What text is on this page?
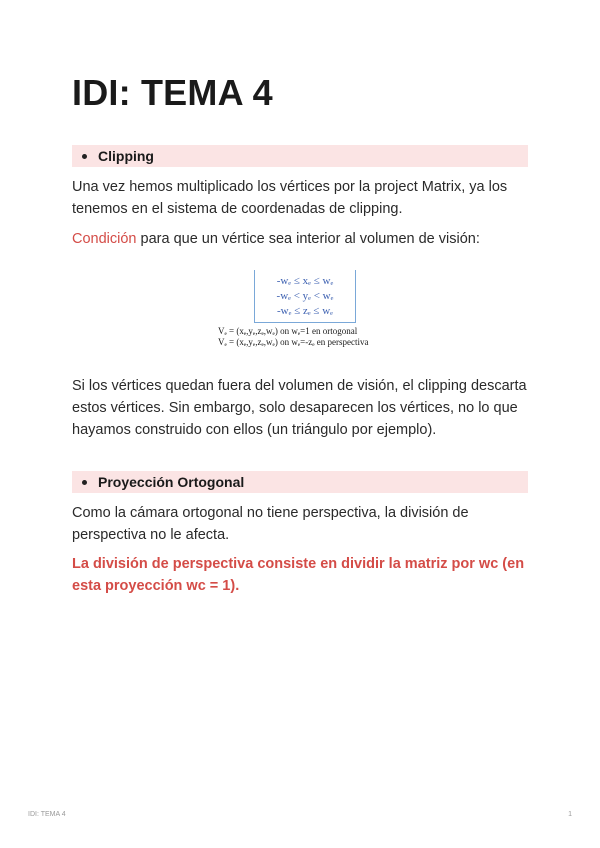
IDI: TEMA 4
Clipping

Una vez hemos multiplicado los vértices por la project Matrix, ya los tenemos en el sistema de coordenadas de clipping.

Condición para que un vértice sea interior al volumen de visión:

-wₑ ≤ xₑ ≤ wₑ
-wₑ < yₑ < wₑ
-wₑ ≤ zₑ ≤ wₑ
Vₑ = (xₑ,yₑ,zₑ,wₑ) on wₑ=1 en ortogonal
Vₑ = (xₑ,yₑ,zₑ,wₑ) on wₑ=-zₑ en perspectiva

Si los vértices quedan fuera del volumen de visión, el clipping descarta estos vértices. Sin embargo, solo desaparecen los vértices, no lo que hayamos construido con ellos (un triángulo por ejemplo).

Proyección Ortogonal

Como la cámara ortogonal no tiene perspectiva, la división de perspectiva no le afecta.

La división de perspectiva consiste en dividir la matriz por wc (en esta proyección wc = 1).

IDI: TEMA 4	1
